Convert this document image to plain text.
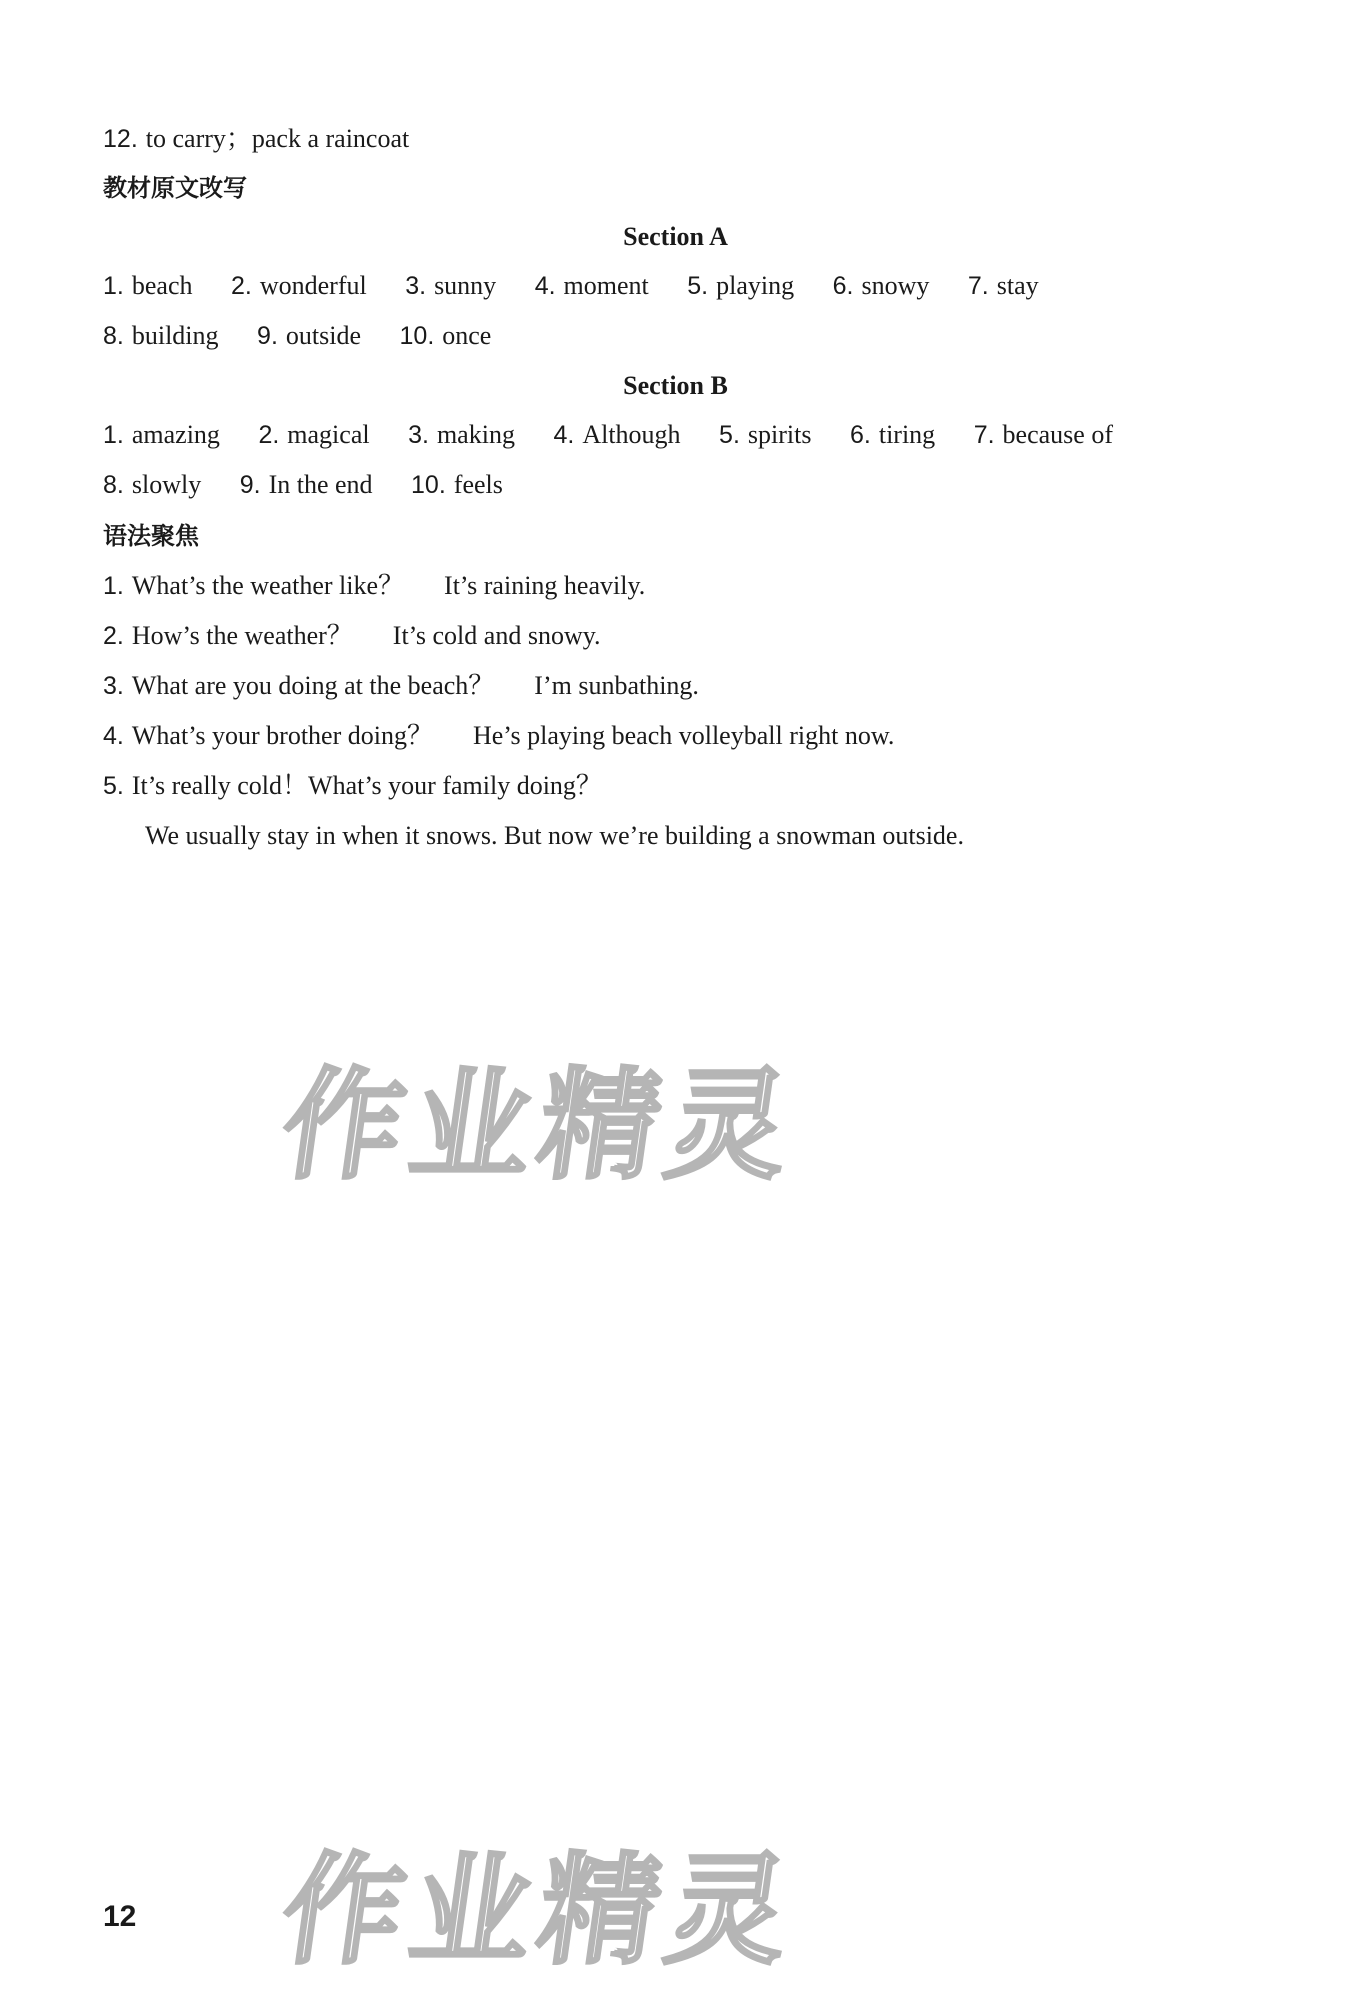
12 . to carry；pack a raincoat
教材原文改写
Section A
1 . beach 2 . wonderful 3 . sunny 4 . moment 5 . playing 6 . snowy 7 . stay
8 . building 9 . outside 10 . once
Section B
1 . amazing 2 . magical 3 . making 4 . Although 5 . spirits 6 . tiring 7 . because of
8 . slowly 9 . In the end 10 . feels
语法聚焦
1 . What’s the weather like？ It’s raining heavily.
2 . How’s the weather？ It’s cold and snowy.
3 . What are you doing at the beach？ I’m sunbathing.
4 . What’s your brother doing？ He’s playing beach volleyball right now.
5 . It’s really cold！What’s your family doing？
We usually stay in when it snows. But now we’re building a snowman outside.
作业精灵
作业精灵
12
